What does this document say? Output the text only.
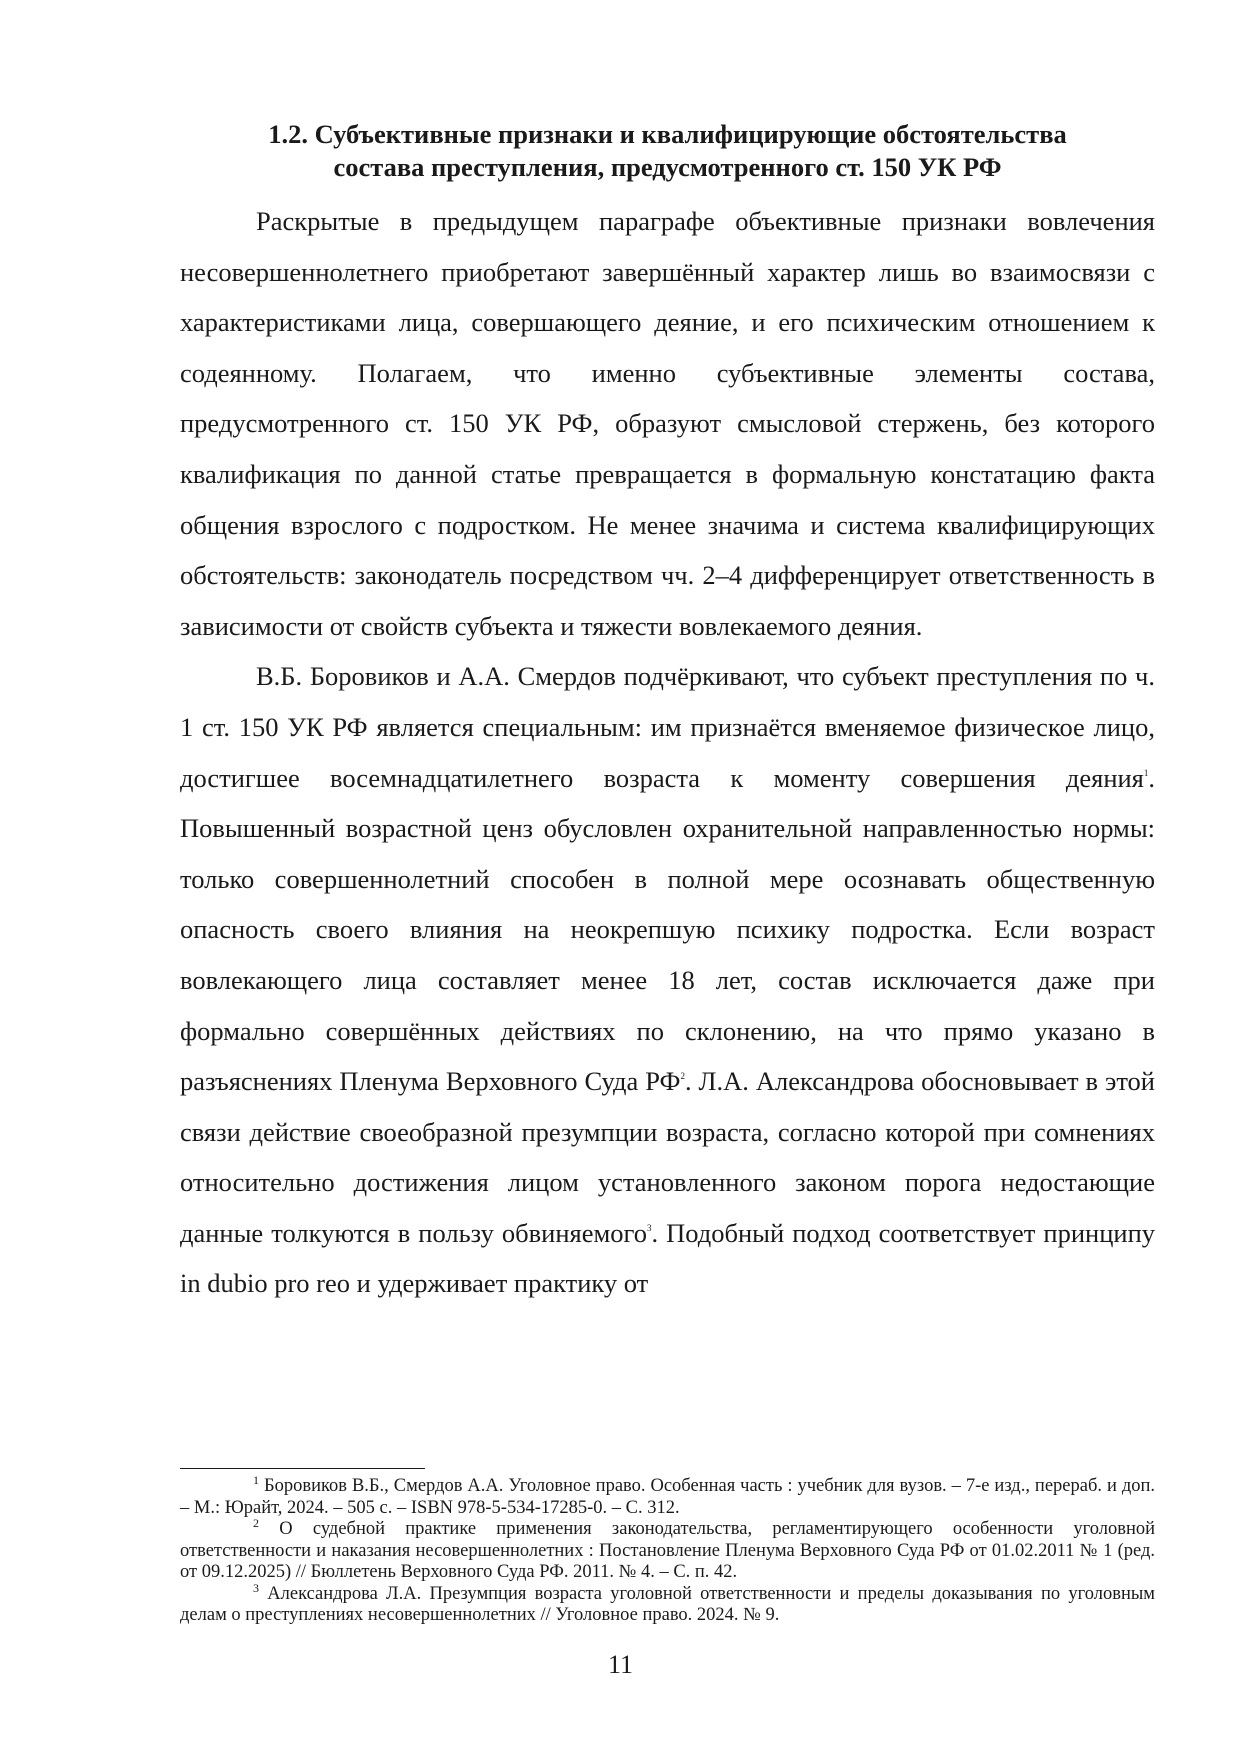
1.2. Субъективные признаки и квалифицирующие обстоятельства
состава преступления, предусмотренного ст. 150 УК РФ

Раскрытые в предыдущем параграфе объективные признаки вовлечения несовершеннолетнего приобретают завершённый характер лишь во взаимосвязи с характеристиками лица, совершающего деяние, и его психическим отношением к содеянному. Полагаем, что именно субъективные элементы состава, предусмотренного ст. 150 УК РФ, образуют смысловой стержень, без которого квалификация по данной статье превращается в формальную констатацию факта общения взрослого с подростком. Не менее значима и система квалифицирующих обстоятельств: законодатель посредством чч. 2–4 дифференцирует ответственность в зависимости от свойств субъекта и тяжести вовлекаемого деяния.

В.Б. Боровиков и А.А. Смердов подчёркивают, что субъект преступления по ч. 1 ст. 150 УК РФ является специальным: им признаётся вменяемое физическое лицо, достигшее восемнадцатилетнего возраста к моменту совершения деяния$^1$. Повышенный возрастной ценз обусловлен охранительной направленностью нормы: только совершеннолетний способен в полной мере осознавать общественную опасность своего влияния на неокрепшую психику подростка. Если возраст вовлекающего лица составляет менее 18 лет, состав исключается даже при формально совершённых действиях по склонению, на что прямо указано в разъяснениях Пленума Верховного Суда $РФ^2$. Л.А. Александрова обосновывает в этой связи действие своеобразной презумпции возраста, согласно которой при сомнениях относительно достижения лицом установленного законом порога недостающие данные толкуются в пользу обвиняемого$^3$. Подобный подход соответствует принципу in dubio pro reo и удерживает практику от

$^1$ Боровиков В.Б., Смердов А.А. Уголовное право. Особенная часть : учебник для вузов. – 7-е изд., перераб. и доп. – М.: Юрайт, 2024. – 505 с. – ISBN 978-5-534-17285-0. – С. 312.

$^2$ О судебной практике применения законодательства, регламентирующего особенности уголовной ответственности и наказания несовершеннолетних : Постановление Пленума Верховного Суда РФ от 01.02.2011 № 1 (ред. от 09.12.2025) // Бюллетень Верховного Суда РФ. 2011. № 4. – С. п. 42.

$^3$ Александрова Л.А. Презумпция возраста уголовной ответственности и пределы доказывания по уголовным делам о преступлениях несовершеннолетних // Уголовное право. 2024. № 9.

11
